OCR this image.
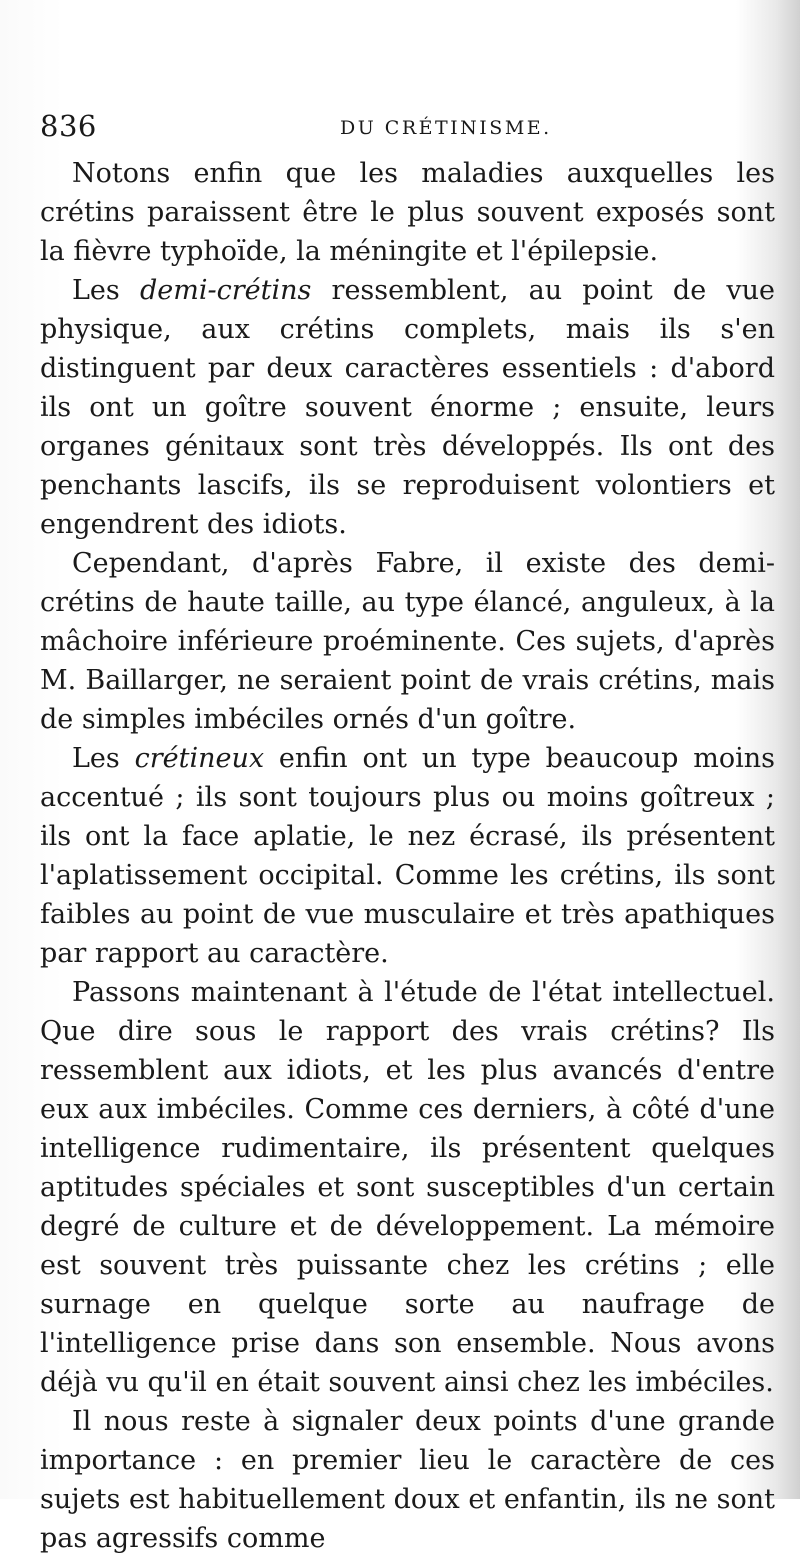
836	DU CRÉTINISME.

Notons enfin que les maladies auxquelles les crétins paraissent être le plus souvent exposés sont la fièvre typhoïde, la méningite et l'épilepsie.

Les demi-crétins ressemblent, au point de vue physique, aux crétins complets, mais ils s'en distinguent par deux caractères essentiels : d'abord ils ont un goître souvent énorme ; ensuite, leurs organes génitaux sont très développés. Ils ont des penchants lascifs, ils se reproduisent volontiers et engendrent des idiots.

Cependant, d'après Fabre, il existe des demi-crétins de haute taille, au type élancé, anguleux, à la mâchoire inférieure proéminente. Ces sujets, d'après M. Baillarger, ne seraient point de vrais crétins, mais de simples imbéciles ornés d'un goître.

Les crétineux enfin ont un type beaucoup moins accentué ; ils sont toujours plus ou moins goîtreux ; ils ont la face aplatie, le nez écrasé, ils présentent l'aplatissement occipital. Comme les crétins, ils sont faibles au point de vue musculaire et très apathiques par rapport au caractère.

Passons maintenant à l'étude de l'état intellectuel. Que dire sous le rapport des vrais crétins? Ils ressemblent aux idiots, et les plus avancés d'entre eux aux imbéciles. Comme ces derniers, à côté d'une intelligence rudimentaire, ils présentent quelques aptitudes spéciales et sont susceptibles d'un certain degré de culture et de développement. La mémoire est souvent très puissante chez les crétins ; elle surnage en quelque sorte au naufrage de l'intelligence prise dans son ensemble. Nous avons déjà vu qu'il en était souvent ainsi chez les imbéciles.

Il nous reste à signaler deux points d'une grande importance : en premier lieu le caractère de ces sujets est habituellement doux et enfantin, ils ne sont pas agressifs comme
